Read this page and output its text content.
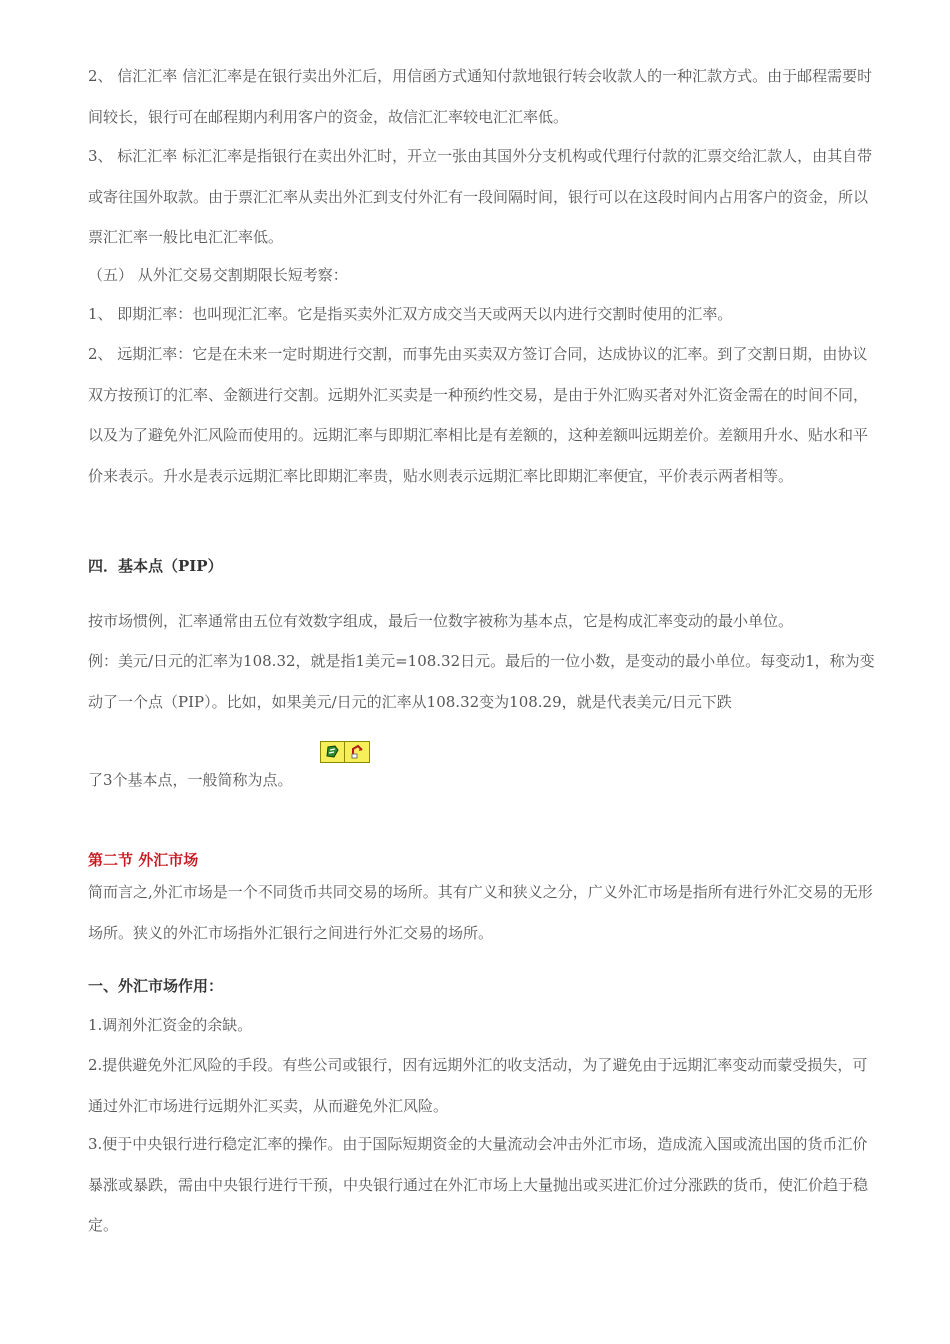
2、 信汇汇率 信汇汇率是在银行卖出外汇后，用信函方式通知付款地银行转会收款人的一种汇款方式。由于邮程需要时间较长，银行可在邮程期内利用客户的资金，故信汇汇率较电汇汇率低。
3、 标汇汇率 标汇汇率是指银行在卖出外汇时，开立一张由其国外分支机构或代理行付款的汇票交给汇款人，由其自带或寄往国外取款。由于票汇汇率从卖出外汇到支付外汇有一段间隔时间，银行可以在这段时间内占用客户的资金，所以票汇汇率一般比电汇汇率低。
（五） 从外汇交易交割期限长短考察：
1、 即期汇率：也叫现汇汇率。它是指买卖外汇双方成交当天或两天以内进行交割时使用的汇率。
2、 远期汇率：它是在未来一定时期进行交割，而事先由买卖双方签订合同，达成协议的汇率。到了交割日期，由协议双方按预订的汇率、金额进行交割。远期外汇买卖是一种预约性交易，是由于外汇购买者对外汇资金需在的时间不同，以及为了避免外汇风险而使用的。远期汇率与即期汇率相比是有差额的，这种差额叫远期差价。差额用升水、贴水和平价来表示。升水是表示远期汇率比即期汇率贵，贴水则表示远期汇率比即期汇率便宜，平价表示两者相等。
四．基本点（PIP）
按市场惯例，汇率通常由五位有效数字组成，最后一位数字被称为基本点，它是构成汇率变动的最小单位。
例：美元/日元的汇率为108.32，就是指1美元=108.32日元。最后的一位小数，是变动的最小单位。每变动1，称为变动了一个点（PIP）。比如，如果美元/日元的汇率从108.32变为108.29，就是代表美元/日元下跌
了3个基本点，一般简称为点。
第二节 外汇市场
简而言之,外汇市场是一个不同货币共同交易的场所。其有广义和狭义之分，广义外汇市场是指所有进行外汇交易的无形场所。狭义的外汇市场指外汇银行之间进行外汇交易的场所。
一、外汇市场作用：
1.调剂外汇资金的余缺。
2.提供避免外汇风险的手段。有些公司或银行，因有远期外汇的收支活动，为了避免由于远期汇率变动而蒙受损失，可通过外汇市场进行远期外汇买卖，从而避免外汇风险。
3.便于中央银行进行稳定汇率的操作。由于国际短期资金的大量流动会冲击外汇市场，造成流入国或流出国的货币汇价暴涨或暴跌，需由中央银行进行干预，中央银行通过在外汇市场上大量抛出或买进汇价过分涨跌的货币，使汇价趋于稳定。
